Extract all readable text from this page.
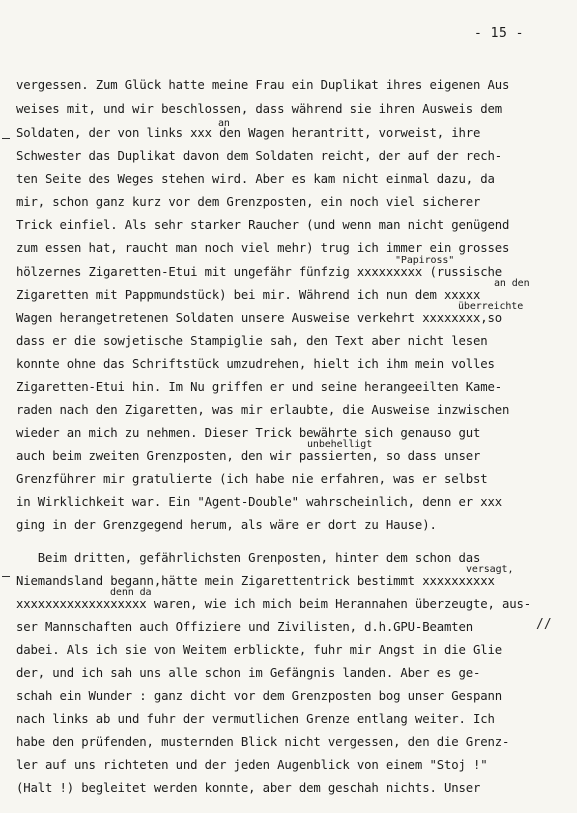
- 15 -
vergessen. Zum Glück hatte meine Frau ein Duplikat ihres eigenen Aus
weises mit, und wir beschlossen, dass während sie ihren Ausweis dem
Soldaten, der von links xxx den Wagen herantritt, vorweist, ihre
Schwester das Duplikat davon dem Soldaten reicht, der auf der rech-
ten Seite des Weges stehen wird. Aber es kam nicht einmal dazu, da
mir, schon ganz kurz vor dem Grenzposten, ein noch viel sicherer
Trick einfiel. Als sehr starker Raucher (und wenn man nicht genügend
zum essen hat, raucht man noch viel mehr) trug ich immer ein grosses
hölzernes Zigaretten-Etui mit ungefähr fünfzig xxxxxxxxx (russische
Zigaretten mit Pappmundstück) bei mir. Während ich nun dem xxxxx
Wagen herangetretenen Soldaten unsere Ausweise verkehrt xxxxxxxx,so
dass er die sowjetische Stampiglie sah, den Text aber nicht lesen
konnte ohne das Schriftstück umzudrehen, hielt ich ihm mein volles
Zigaretten-Etui hin. Im Nu griffen er und seine herangeeilten Kame-
raden nach den Zigaretten, was mir erlaubte, die Ausweise inzwischen
wieder an mich zu nehmen. Dieser Trick bewährte sich genauso gut
auch beim zweiten Grenzposten, den wir passierten, so dass unser
Grenzführer mir gratulierte (ich habe nie erfahren, was er selbst
in Wirklichkeit war. Ein "Agent-Double" wahrscheinlich, denn er xxx
ging in der Grenzgegend herum, als wäre er dort zu Hause).
Beim dritten, gefährlichsten Grenposten, hinter dem schon das
Niemandsland begann,hätte mein Zigarettentrick bestimmt xxxxxxxxxx
xxxxxxxxxxxxxxxxxx waren, wie ich mich beim Herannahen überzeugte, aus-
ser Mannschaften auch Offiziere und Zivilisten, d.h.GPU-Beamten
dabei. Als ich sie von Weitem erblickte, fuhr mir Angst in die Glie
der, und ich sah uns alle schon im Gefängnis landen. Aber es ge-
schah ein Wunder : ganz dicht vor dem Grenzposten bog unser Gespann
nach links ab und fuhr der vermutlichen Grenze entlang weiter. Ich
habe den prüfenden, musternden Blick nicht vergessen, den die Grenz-
ler auf uns richteten und der jeden Augenblick von einem "Stoj !"
(Halt !) begleitet werden konnte, aber dem geschah nichts. Unser
an
"Papiross"
an den
überreichte
unbehelligt
versagt,
denn da
//
